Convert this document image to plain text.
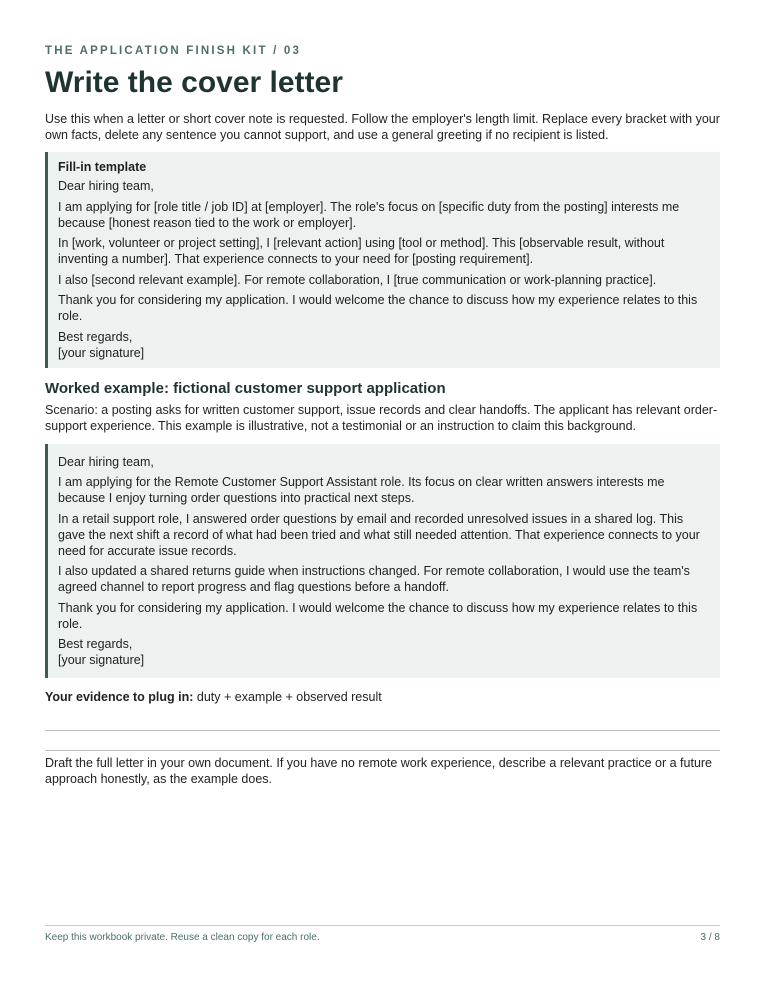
THE APPLICATION FINISH KIT / 03

Write the cover letter

Use this when a letter or short cover note is requested. Follow the employer's length limit. Replace every bracket with your own facts, delete any sentence you cannot support, and use a general greeting if no recipient is listed.

Fill-in template

Dear hiring team,

I am applying for [role title / job ID] at [employer]. The role's focus on [specific duty from the posting] interests me because [honest reason tied to the work or employer].

In [work, volunteer or project setting], I [relevant action] using [tool or method]. This [observable result, without inventing a number]. That experience connects to your need for [posting requirement].

I also [second relevant example]. For remote collaboration, I [true communication or work-planning practice].

Thank you for considering my application. I would welcome the chance to discuss how my experience relates to this role.

Best regards,
[your signature]

Worked example: fictional customer support application

Scenario: a posting asks for written customer support, issue records and clear handoffs. The applicant has relevant order-support experience. This example is illustrative, not a testimonial or an instruction to claim this background.

Dear hiring team,

I am applying for the Remote Customer Support Assistant role. Its focus on clear written answers interests me because I enjoy turning order questions into practical next steps.

In a retail support role, I answered order questions by email and recorded unresolved issues in a shared log. This gave the next shift a record of what had been tried and what still needed attention. That experience connects to your need for accurate issue records.

I also updated a shared returns guide when instructions changed. For remote collaboration, I would use the team's agreed channel to report progress and flag questions before a handoff.

Thank you for considering my application. I would welcome the chance to discuss how my experience relates to this role.

Best regards,
[your signature]

Your evidence to plug in: duty + example + observed result

Draft the full letter in your own document. If you have no remote work experience, describe a relevant practice or a future approach honestly, as the example does.

Keep this workbook private. Reuse a clean copy for each role.	3 / 8
